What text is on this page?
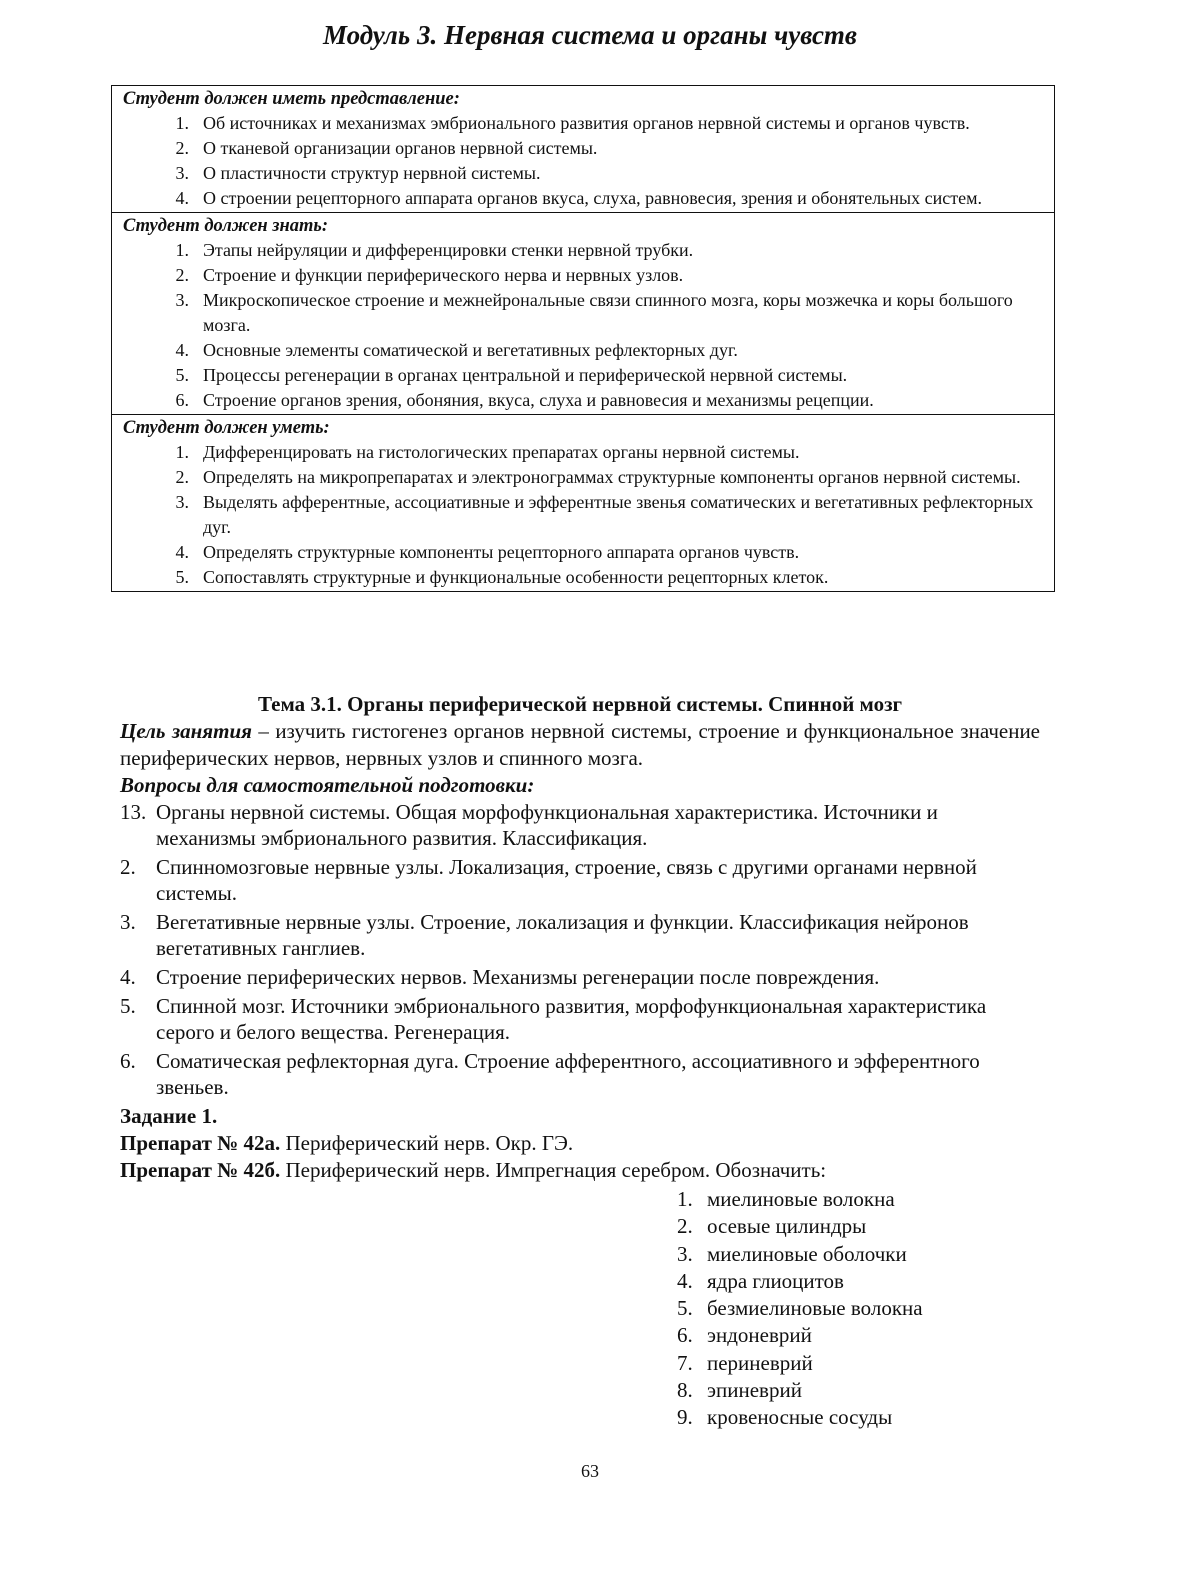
Модуль 3. Нервная система и органы чувств
Студент должен иметь представление:
1. Об источниках и механизмах эмбрионального развития органов нервной системы и органов чувств.
2. О тканевой организации органов нервной системы.
3. О пластичности структур нервной системы.
4. О строении рецепторного аппарата органов вкуса, слуха, равновесия, зрения и обонятельных систем.
Студент должен знать:
1. Этапы нейруляции и дифференцировки стенки нервной трубки.
2. Строение и функции периферического нерва и нервных узлов.
3. Микроскопическое строение и межнейрональные связи спинного мозга, коры мозжечка и коры большого мозга.
4. Основные элементы соматической и вегетативных рефлекторных дуг.
5. Процессы регенерации в органах центральной и периферической нервной системы.
6. Строение органов зрения, обоняния, вкуса, слуха и равновесия и механизмы рецепции.
Студент должен уметь:
1. Дифференцировать на гистологических препаратах органы нервной системы.
2. Определять на микропрепаратах и электронограммах структурные компоненты органов нервной системы.
3. Выделять афферентные, ассоциативные и эфферентные звенья соматических и вегетативных рефлекторных дуг.
4. Определять структурные компоненты рецепторного аппарата органов чувств.
5. Сопоставлять структурные и функциональные особенности рецепторных клеток.
Тема 3.1. Органы периферической нервной системы. Спинной мозг
Цель занятия – изучить гистогенез органов нервной системы, строение и функциональное значение периферических нервов, нервных узлов и спинного мозга.
Вопросы для самостоятельной подготовки:
13. Органы нервной системы. Общая морфофункциональная характеристика. Источники и механизмы эмбрионального развития. Классификация.
2. Спинномозговые нервные узлы. Локализация, строение, связь с другими органами нервной системы.
3. Вегетативные нервные узлы. Строение, локализация и функции. Классификация нейронов вегетативных ганглиев.
4. Строение периферических нервов. Механизмы регенерации после повреждения.
5. Спинной мозг. Источники эмбрионального развития, морфофункциональная характеристика серого и белого вещества. Регенерация.
6. Соматическая рефлекторная дуга. Строение афферентного, ассоциативного и эфферентного звеньев.
Задание 1.
Препарат № 42а. Периферический нерв. Окр. ГЭ.
Препарат № 42б. Периферический нерв. Импрегнация серебром. Обозначить:
1. миелиновые волокна
2. осевые цилиндры
3. миелиновые оболочки
4. ядра глиоцитов
5. безмиелиновые волокна
6. эндоневрий
7. периневрий
8. эпиневрий
9. кровеносные сосуды
63
